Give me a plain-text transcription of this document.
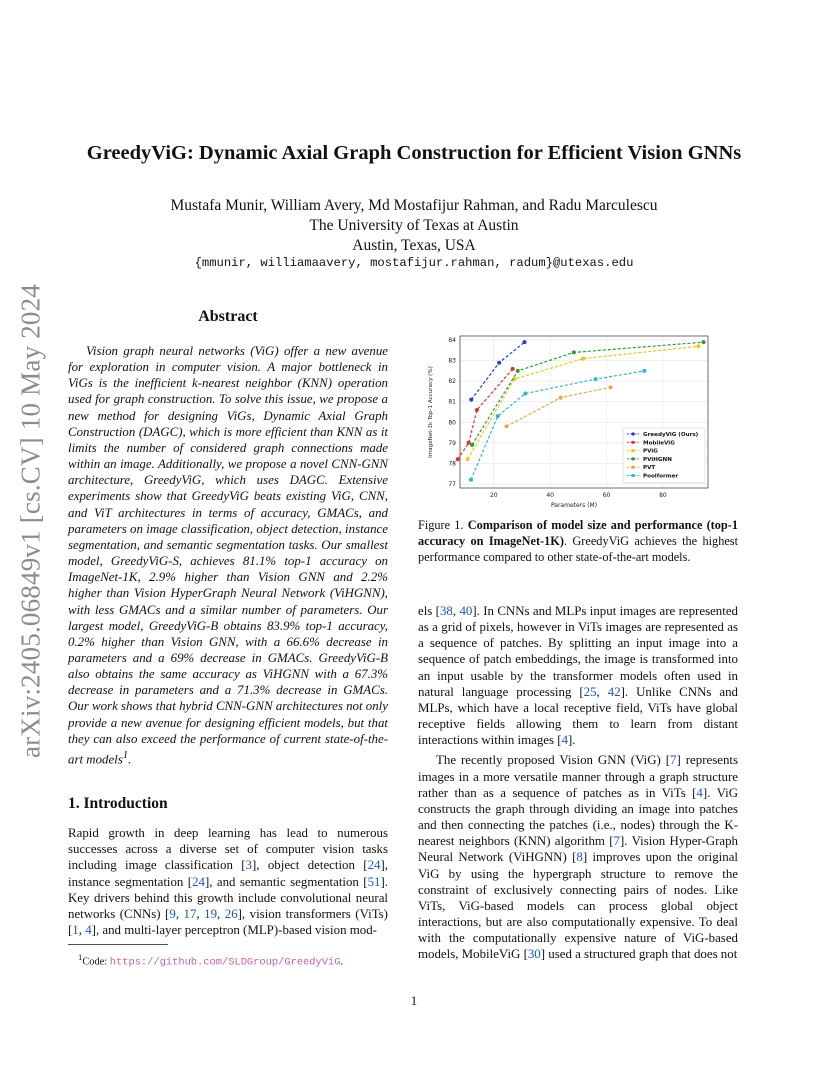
arXiv:2405.06849v1 [cs.CV] 10 May 2024
GreedyViG: Dynamic Axial Graph Construction for Efficient Vision GNNs
Mustafa Munir, William Avery, Md Mostafijur Rahman, and Radu Marculescu
The University of Texas at Austin
Austin, Texas, USA
{mmunir, williamaavery, mostafijur.rahman, radum}@utexas.edu
Abstract

Vision graph neural networks (ViG) offer a new avenue for exploration in computer vision. A major bottleneck in ViGs is the inefficient k-nearest neighbor (KNN) operation used for graph construction. To solve this issue, we propose a new method for designing ViGs, Dynamic Axial Graph Construction (DAGC), which is more efficient than KNN as it limits the number of considered graph connections made within an image. Additionally, we propose a novel CNN-GNN architecture, GreedyViG, which uses DAGC. Extensive experiments show that GreedyViG beats existing ViG, CNN, and ViT architectures in terms of accuracy, GMACs, and parameters on image classification, object detection, instance segmentation, and semantic segmentation tasks. Our smallest model, GreedyViG-S, achieves 81.1% top-1 accuracy on ImageNet-1K, 2.9% higher than Vision GNN and 2.2% higher than Vision HyperGraph Neural Network (ViHGNN), with less GMACs and a similar number of parameters. Our largest model, GreedyViG-B obtains 83.9% top-1 accuracy, 0.2% higher than Vision GNN, with a 66.6% decrease in parameters and a 69% decrease in GMACs. GreedyViG-B also obtains the same accuracy as ViHGNN with a 67.3% decrease in parameters and a 71.3% decrease in GMACs. Our work shows that hybrid CNN-GNN architectures not only provide a new avenue for designing efficient models, but that they can also exceed the performance of current state-of-the-art models$^1$.

1. Introduction

Rapid growth in deep learning has lead to numerous successes across a diverse set of computer vision tasks including image classification [3], object detection [24], instance segmentation [24], and semantic segmentation [51]. Key drivers behind this growth include convolutional neural networks (CNNs) [9, 17, 19, 26], vision transformers (ViTs) [1, 4], and multi-layer perceptron (MLP)-based vision mod-

$^1$Code: https://github.com/SLDGroup/GreedyViG.
20	40	60	80
77
78
79
80
81
82
83
84
Parameters (M)
ImageNet-1k Top-1 Accuracy (%)	GreedyViG (Ours)
MobileViG
PViG
PViHGNN
PVT
Poolformer
Figure 1. Comparison of model size and performance (top-1 accuracy on ImageNet-1K). GreedyViG achieves the highest performance compared to other state-of-the-art models.

els [38, 40]. In CNNs and MLPs input images are represented as a grid of pixels, however in ViTs images are represented as a sequence of patches. By splitting an input image into a sequence of patch embeddings, the image is transformed into an input usable by the transformer models often used in natural language processing [25, 42]. Unlike CNNs and MLPs, which have a local receptive field, ViTs have global receptive fields allowing them to learn from distant interactions within images [4].

The recently proposed Vision GNN (ViG) [7] represents images in a more versatile manner through a graph structure rather than as a sequence of patches as in ViTs [4]. ViG constructs the graph through dividing an image into patches and then connecting the patches (i.e., nodes) through the K-nearest neighbors (KNN) algorithm [7]. Vision Hyper-Graph Neural Network (ViHGNN) [8] improves upon the original ViG by using the hypergraph structure to remove the constraint of exclusively connecting pairs of nodes. Like ViTs, ViG-based models can process global object interactions, but are also computationally expensive. To deal with the computationally expensive nature of ViG-based models, MobileViG [30] used a structured graph that does not

1
